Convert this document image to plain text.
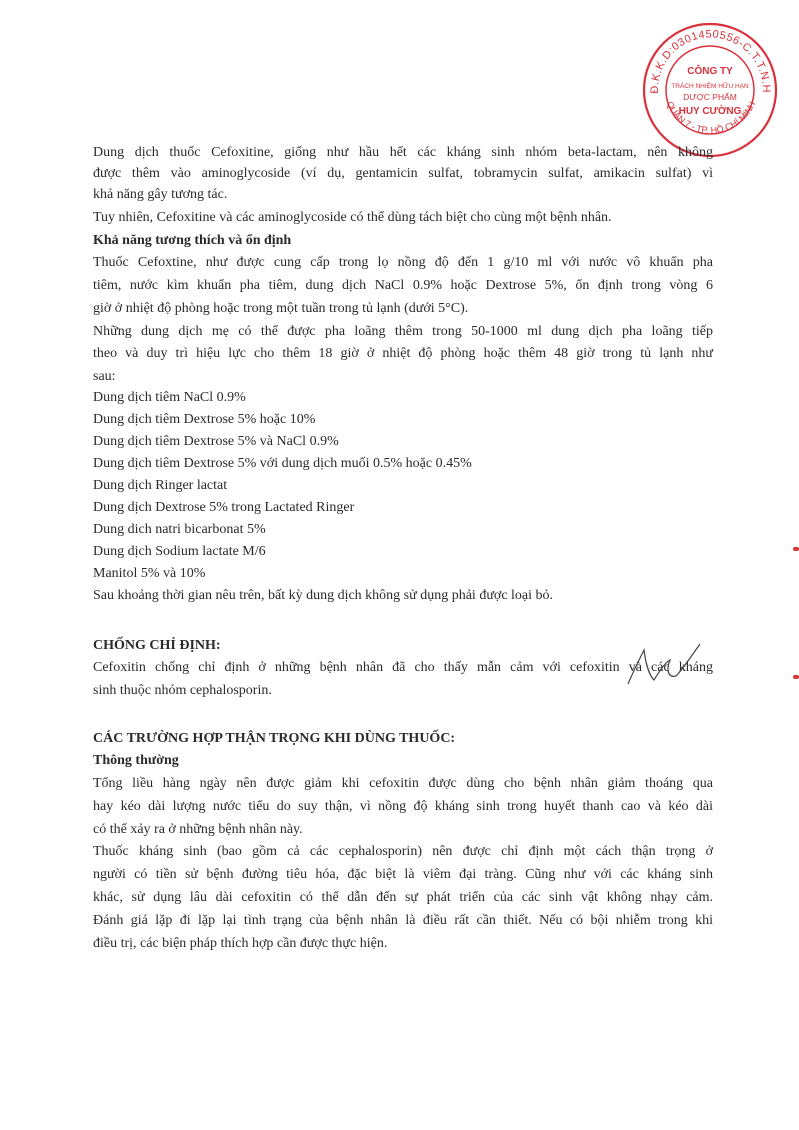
Đ.K.K.D:0301450556-C.T.T.N.H
QUẬN 7 - TP. HỒ CHÍ MINH
CÔNG TY
TRÁCH NHIỆM HỮU HẠN
DƯỢC PHẨM
HUY CƯỜNG
Dung dịch thuốc Cefoxitine, giống như hầu hết các kháng sinh nhóm beta-lactam, nên không
được thêm vào aminoglycoside (ví dụ, gentamicin sulfat, tobramycin sulfat, amikacin sulfat) vì
khả năng gây tương tác.
Tuy nhiên, Cefoxitine và các aminoglycoside có thể dùng tách biệt cho cùng một bệnh nhân.
Khả năng tương thích và ổn định
Thuốc Cefoxtine, như được cung cấp trong lọ nồng độ đến 1 g/10 ml với nước vô khuẩn pha
tiêm, nước kìm khuẩn pha tiêm, dung dịch NaCl 0.9% hoặc Dextrose 5%, ổn định trong vòng 6
giờ ở nhiệt độ phòng hoặc trong một tuần trong tủ lạnh (dưới 5°C).
Những dung dịch mẹ có thể được pha loãng thêm trong 50-1000 ml dung dịch pha loãng tiếp
theo và duy trì hiệu lực cho thêm 18 giờ ở nhiệt độ phòng hoặc thêm 48 giờ trong tủ lạnh như
sau:
Dung dịch tiêm NaCl 0.9%
Dung dịch tiêm Dextrose 5% hoặc 10%
Dung dịch tiêm Dextrose 5% và NaCl 0.9%
Dung dịch tiêm Dextrose 5% với dung dịch muối 0.5% hoặc 0.45%
Dung dịch Ringer lactat
Dung dịch Dextrose 5% trong Lactated Ringer
Dung dich natri bicarbonat 5%
Dung dịch Sodium lactate M/6
Manitol 5% và 10%
Sau khoảng thời gian nêu trên, bất kỳ dung dịch không sử dụng phải được loại bỏ.
CHỐNG CHỈ ĐỊNH:
Cefoxitin chống chỉ định ở những bệnh nhân đã cho thấy mẫn cảm với cefoxitin và các kháng
sinh thuộc nhóm cephalosporin.
CÁC TRƯỜNG HỢP THẬN TRỌNG KHI DÙNG THUỐC:
Thông thường
Tổng liều hàng ngày nên được giảm khi cefoxitin được dùng cho bệnh nhân giảm thoáng qua
hay kéo dài lượng nước tiểu do suy thận, vì nồng độ kháng sinh trong huyết thanh cao và kéo dài
có thể xảy ra ở những bệnh nhân này.
Thuốc kháng sinh (bao gồm cả các cephalosporin) nên được chỉ định một cách thận trọng ở
người có tiền sử bệnh đường tiêu hóa, đặc biệt là viêm đại tràng. Cũng như với các kháng sinh
khác, sử dụng lâu dài cefoxitin có thể dẫn đến sự phát triển của các sinh vật không nhạy cảm.
Đánh giá lặp đi lặp lại tình trạng của bệnh nhân là điều rất cần thiết. Nếu có bội nhiễm trong khi
điều trị, các biện pháp thích hợp cần được thực hiện.
